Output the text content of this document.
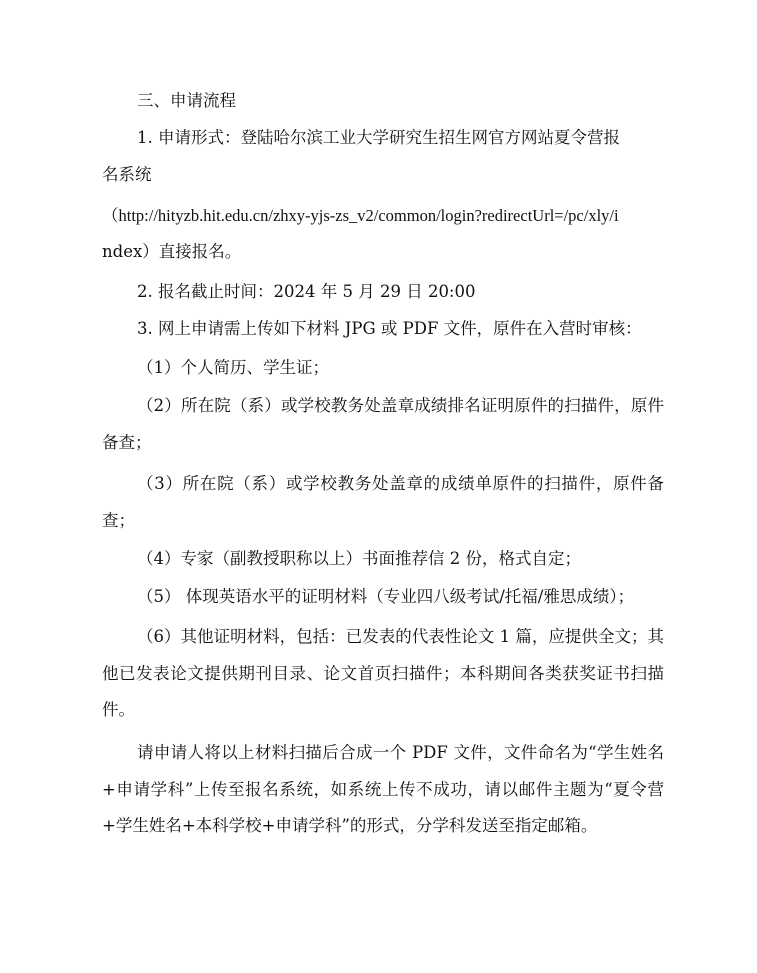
三、申请流程
1. 申请形式：登陆哈尔滨工业大学研究生招生网官方网站夏令营报
名系统
（http://hityzb.hit.edu.cn/zhxy-yjs-zs_v2/common/login?redirectUrl=/pc/xly/i
ndex）直接报名。
2. 报名截止时间：2024 年 5 月 29 日 20:00
3. 网上申请需上传如下材料 JPG 或 PDF 文件，原件在入营时审核：
（1）个人简历、学生证；
（2）所在院（系）或学校教务处盖章成绩排名证明原件的扫描件，原件备查；
（3）所在院（系）或学校教务处盖章的成绩单原件的扫描件，原件备查；
（4）专家（副教授职称以上）书面推荐信 2 份，格式自定；
（5） 体现英语水平的证明材料（专业四八级考试/托福/雅思成绩）；
（6）其他证明材料，包括：已发表的代表性论文 1 篇，应提供全文；其他已发表论文提供期刊目录、论文首页扫描件；本科期间各类获奖证书扫描件。
请申请人将以上材料扫描后合成一个 PDF 文件，文件命名为“学生姓名+申请学科”上传至报名系统，如系统上传不成功，请以邮件主题为“夏令营+学生姓名+本科学校+申请学科”的形式，分学科发送至指定邮箱。
